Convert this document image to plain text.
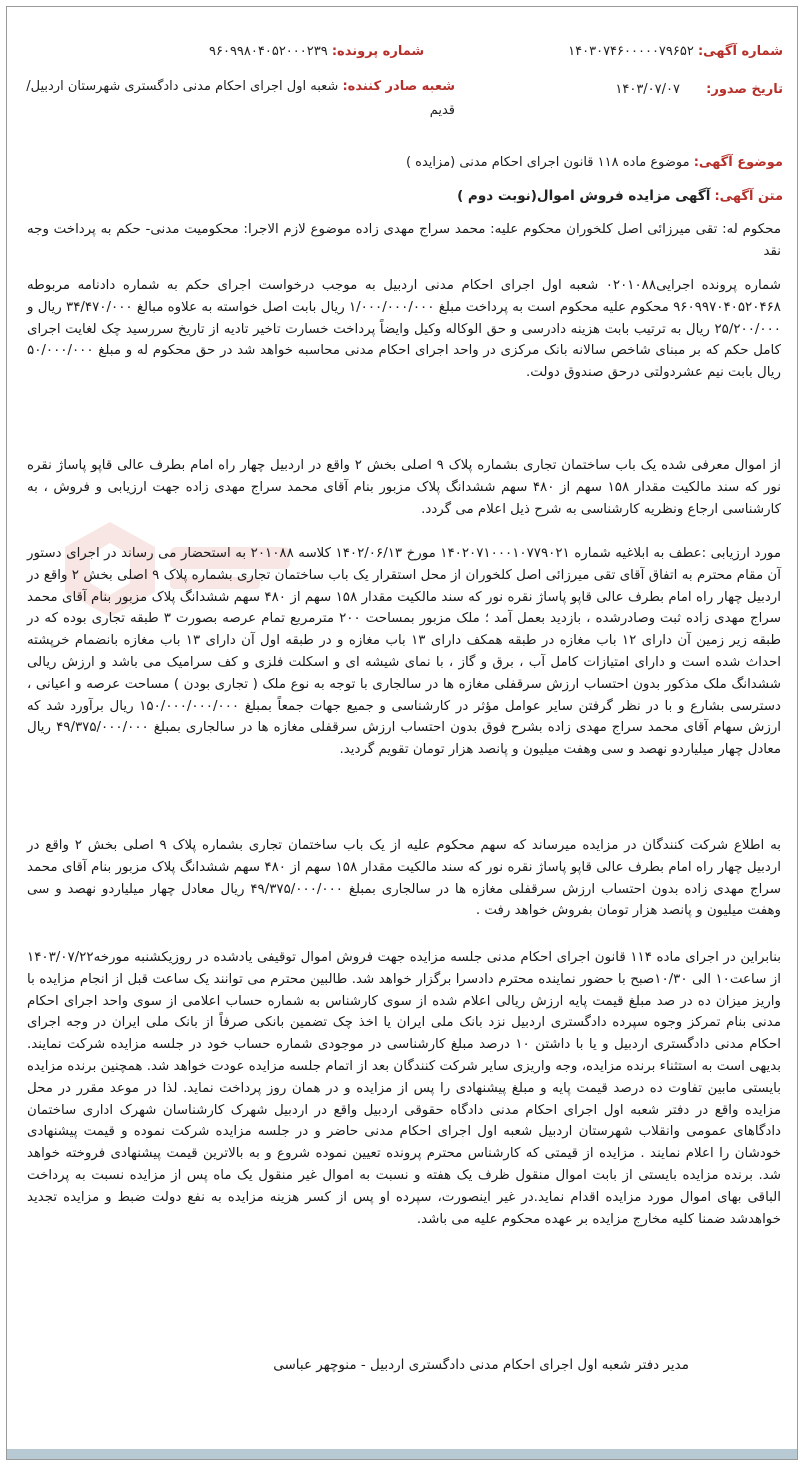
شماره آگهی: ۱۴۰۳۰۷۴۶۰۰۰۰۰۷۹۶۵۲
شماره پرونده: ۹۶۰۹۹۸۰۴۰۵۲۰۰۰۲۳۹
تاریخ صدور: ۱۴۰۳/۰۷/۰۷
شعبه صادر کننده: شعبه اول اجرای احکام مدنی دادگستری شهرستان اردبیل/
قدیم
موضوع آگهی: موضوع ماده ۱۱۸ قانون اجرای احکام مدنی (مزایده )
متن آگهی: آگهی مزایده فروش اموال(نوبت دوم )
محکوم له: تقی میرزائی اصل کلخوران محکوم علیه: محمد سراج مهدی زاده موضوع لازم الاجرا: محکومیت مدنی- حکم به پرداخت وجه نقد
شماره پرونده اجرایی۰۲۰۱۰۸۸ شعبه اول اجرای احکام مدنی اردبیل به موجب درخواست اجرای حکم به شماره دادنامه مربوطه ۹۶۰۹۹۷۰۴۰۵۲۰۴۶۸ محکوم علیه محکوم است به پرداخت مبلغ ۱/۰۰۰/۰۰۰/۰۰۰ ریال بابت اصل خواسته به علاوه مبالغ ۳۴/۴۷۰/۰۰۰ ریال و ۲۵/۲۰۰/۰۰۰ ریال به ترتیب بابت هزینه دادرسی و حق الوکاله وکیل وایضاً پرداخت خسارت تاخیر تادیه از تاریخ سررسید چک لغایت اجرای کامل حکم که بر مبنای شاخص سالانه بانک مرکزی در واحد اجرای احکام مدنی محاسبه خواهد شد در حق محکوم له و مبلغ ۵۰/۰۰۰/۰۰۰ ریال بابت نیم عشردولتی درحق صندوق دولت.
از اموال معرفی شده یک باب ساختمان تجاری بشماره پلاک ۹ اصلی بخش ۲ واقع در اردبیل چهار راه امام بطرف عالی قاپو پاساژ نقره نور که سند مالکیت مقدار ۱۵۸ سهم از ۴۸۰ سهم ششدانگ پلاک مزبور بنام آقای محمد سراج مهدی زاده جهت ارزیابی و فروش ، به کارشناسی ارجاع ونظریه کارشناسی به شرح ذیل اعلام می گردد.
مورد ارزیابی :عطف به ابلاغیه شماره ۱۴۰۲۰۷۱۰۰۰۱۰۷۷۹۰۲۱ مورخ ۱۴۰۲/۰۶/۱۳ کلاسه ۲۰۱۰۸۸ به استحضار می رساند در اجرای دستور آن مقام محترم به اتفاق آقای تقی میرزائی اصل کلخوران از محل استقرار یک باب ساختمان تجاری بشماره پلاک ۹ اصلی بخش ۲ واقع در اردبیل چهار راه امام بطرف عالی قاپو پاساژ نقره نور که سند مالکیت مقدار ۱۵۸ سهم از ۴۸۰ سهم ششدانگ پلاک مزبور بنام آقای محمد سراج مهدی زاده ثبت وصادرشده ، بازدید بعمل آمد ؛ ملک مزبور بمساحت ۲۰۰ مترمربع تمام عرصه بصورت ۳ طبقه تجاری بوده که در طبقه زیر زمین آن دارای ۱۲ باب مغازه در طبقه همکف دارای ۱۳ باب مغازه و در طبقه اول آن دارای ۱۳ باب مغازه بانضمام خرپشته احداث شده است و دارای امتیازات کامل آب ، برق و گاز ، با نمای شیشه ای و اسکلت فلزی و کف سرامیک می باشد و ارزش ریالی ششدانگ ملک مذکور بدون احتساب ارزش سرقفلی مغازه ها در سالجاری با توجه به نوع ملک ( تجاری بودن ) مساحت عرصه و اعیانی ، دسترسی بشارع و با در نظر گرفتن سایر عوامل مؤثر در کارشناسی و جمیع جهات جمعاً بمبلغ ۱۵۰/۰۰۰/۰۰۰/۰۰۰ ریال برآورد شد که ارزش سهام آقای محمد سراج مهدی زاده بشرح فوق بدون احتساب ارزش سرقفلی مغازه ها در سالجاری بمبلغ ۴۹/۳۷۵/۰۰۰/۰۰۰ ریال معادل چهار میلیاردو نهصد و سی وهفت میلیون و پانصد هزار تومان تقویم گردید.
به اطلاع شرکت کنندگان در مزایده میرساند که سهم محکوم علیه از یک باب ساختمان تجاری بشماره پلاک ۹ اصلی بخش ۲ واقع در اردبیل چهار راه امام بطرف عالی قاپو پاساژ نقره نور که سند مالکیت مقدار ۱۵۸ سهم از ۴۸۰ سهم ششدانگ پلاک مزبور بنام آقای محمد سراج مهدی زاده بدون احتساب ارزش سرقفلی مغازه ها در سالجاری بمبلغ ۴۹/۳۷۵/۰۰۰/۰۰۰ ریال معادل چهار میلیاردو نهصد و سی وهفت میلیون و پانصد هزار تومان بفروش خواهد رفت .
بنابراین در اجرای ماده ۱۱۴ قانون اجرای احکام مدنی جلسه مزایده جهت فروش اموال توقیفی یادشده در روزیکشنبه مورخه۱۴۰۳/۰۷/۲۲ از ساعت۱۰ الی ۱۰/۳۰صبح با حضور نماینده محترم دادسرا برگزار خواهد شد. طالبین محترم می توانند یک ساعت قبل از انجام مزایده با واریز میزان ده در صد مبلغ قیمت پایه ارزش ریالی اعلام شده از سوی کارشناس به شماره حساب اعلامی از سوی واحد اجرای احکام مدنی بنام تمرکز وجوه سپرده دادگستری اردبیل نزد بانک ملی ایران یا اخذ چک تضمین بانکی صرفاً از بانک ملی ایران در وجه اجرای احکام مدنی دادگستری اردبیل و یا با داشتن ۱۰ درصد مبلغ کارشناسی در موجودی شماره حساب خود در جلسه مزایده شرکت نمایند. بدیهی است به استثناء برنده مزایده، وجه واریزی سایر شرکت کنندگان بعد از اتمام جلسه مزایده عودت خواهد شد. همچنین برنده مزایده بایستی مابین تفاوت ده درصد قیمت پایه و مبلغ پیشنهادی را پس از مزایده و در همان روز پرداخت نماید. لذا در موعد مقرر در محل مزایده واقع در دفتر شعبه اول اجرای احکام مدنی دادگاه حقوقی اردبیل واقع در اردبیل شهرک کارشناسان شهرک اداری ساختمان دادگاهای عمومی وانقلاب شهرستان اردبیل شعبه اول اجرای احکام مدنی حاضر و در جلسه مزایده شرکت نموده و قیمت پیشنهادی خودشان را اعلام نمایند . مزایده از قیمتی که کارشناس محترم پرونده تعیین نموده شروع و به بالاترین قیمت پیشنهادی فروخته خواهد شد. برنده مزایده بایستی از بابت اموال منقول ظرف یک هفته و نسبت به اموال غیر منقول یک ماه پس از مزایده نسبت به پرداخت الباقی بهای اموال مورد مزایده اقدام نماید.در غیر اینصورت، سپرده او پس از کسر هزینه مزایده به نفع دولت ضبط و مزایده تجدید خواهدشد ضمنا کلیه مخارج مزایده بر عهده محکوم علیه می باشد.
مدیر دفتر شعبه اول اجرای احکام مدنی دادگستری اردبیل - منوچهر عباسی
